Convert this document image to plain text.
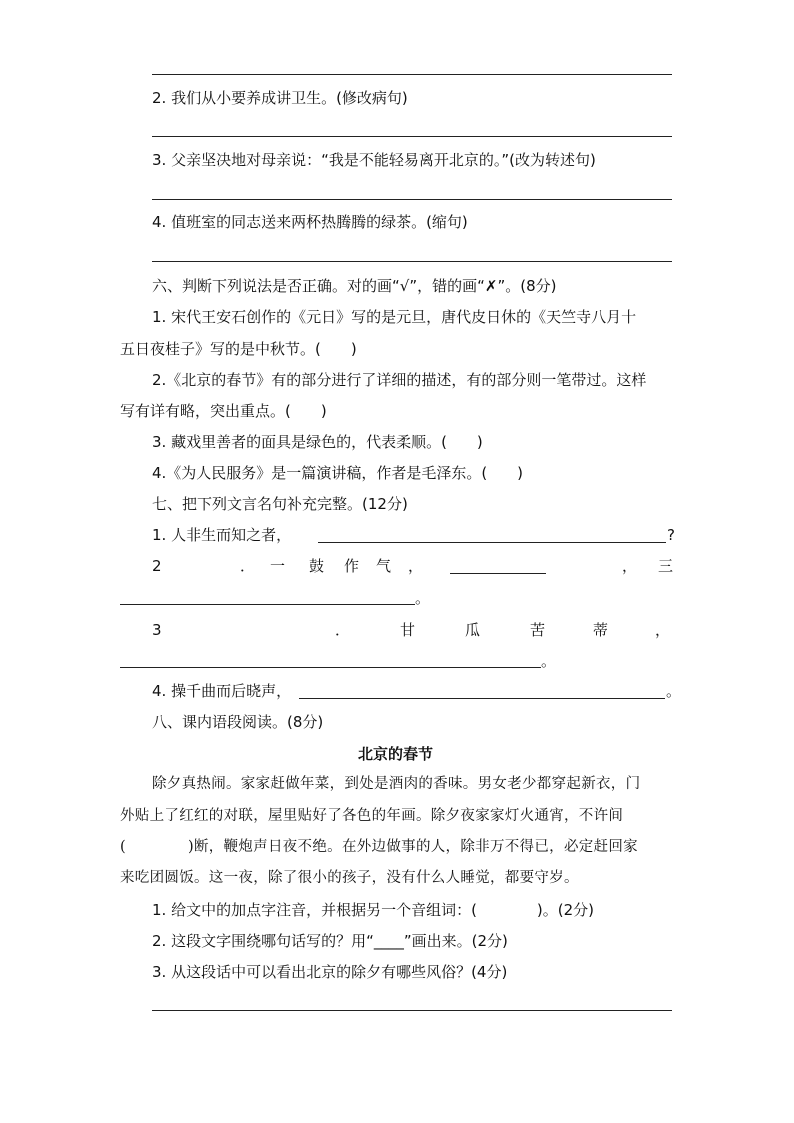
2. 我们从小要养成讲卫生。(修改病句)
3. 父亲坚决地对母亲说：“我是不能轻易离开北京的。”(改为转述句)
4. 值班室的同志送来两杯热腾腾的绿茶。(缩句)
六、判断下列说法是否正确。对的画“√”，错的画“✗”。(8分)
1. 宋代王安石创作的《元日》写的是元旦，唐代皮日休的《天竺寺八月十
五日夜桂子》写的是中秋节。(　　)
2.《北京的春节》有的部分进行了详细的描述，有的部分则一笔带过。这样
写有详有略，突出重点。(　　)
3. 藏戏里善者的面具是绿色的，代表柔顺。(　　)
4.《为人民服务》是一篇演讲稿，作者是毛泽东。(　　)
七、把下列文言名句补充完整。(12分)
1. 人非生而知之者，	?
2	． 一 鼓 作 气 ，	， 三
。
3	．	甘	瓜	苦	蒂	，
。
4. 操千曲而后晓声，	。
八、课内语段阅读。(8分)
北京的春节
除夕真热闹。家家赶做年菜，到处是酒肉的香味。男女老少都穿起新衣，门
外贴上了红红的对联，屋里贴好了各色的年画。除夕夜家家灯火通宵，不许间
(	)断，鞭炮声日夜不绝。在外边做事的人，除非万不得已，必定赶回家
来吃团圆饭。这一夜，除了很小的孩子，没有什么人睡觉，都要守岁。
1. 给文中的加点字注音，并根据另一个音组词：(　　　　)。(2分)
2. 这段文字围绕哪句话写的？用“____”画出来。(2分)
3. 从这段话中可以看出北京的除夕有哪些风俗？(4分)
